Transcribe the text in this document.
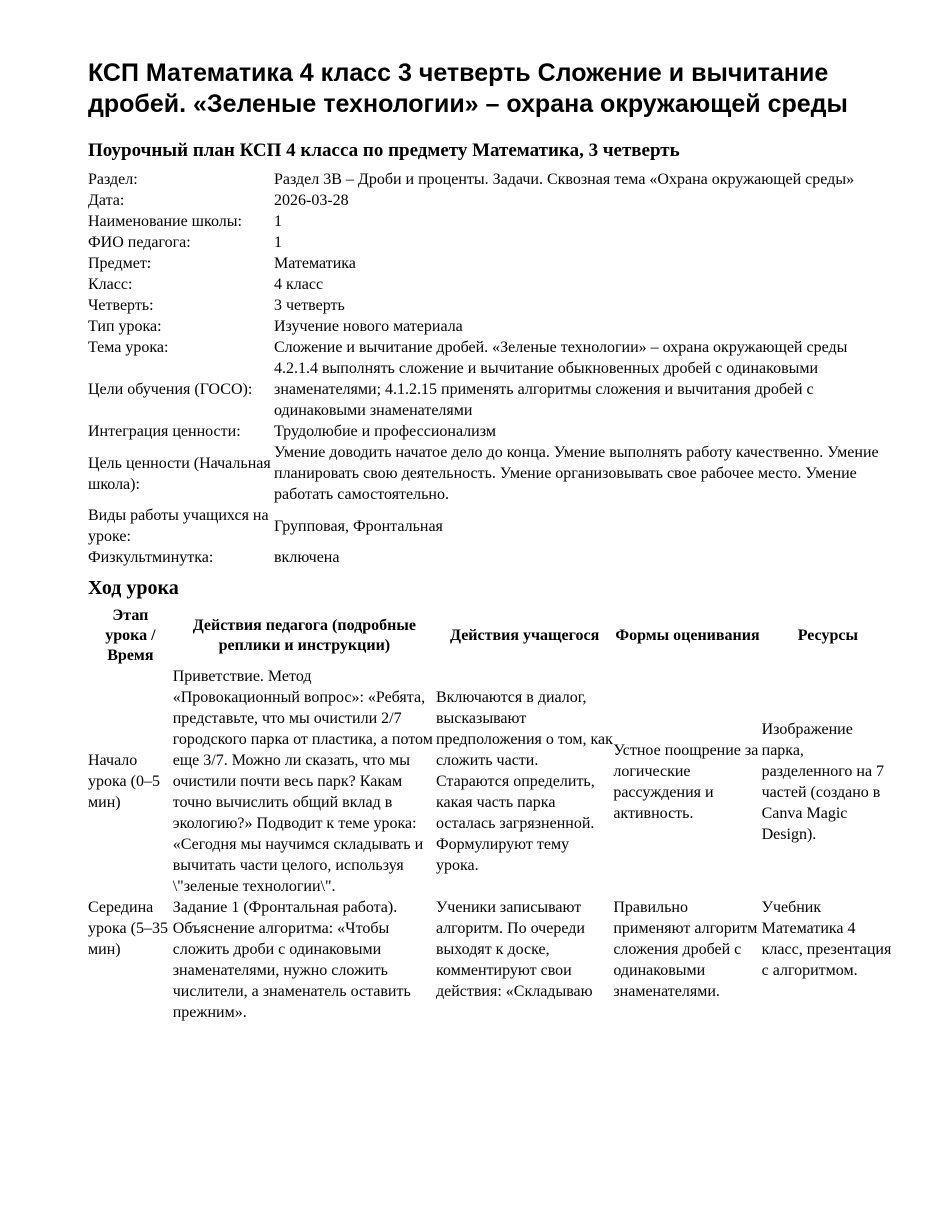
КСП Математика 4 класс 3 четверть Сложение и вычитание дробей. «Зеленые технологии» – охрана окружающей среды
Поурочный план КСП 4 класса по предмету Математика, 3 четверть
Раздел:	Раздел 3В – Дроби и проценты. Задачи. Сквозная тема «Охрана окружающей среды»
Дата:	2026-03-28
Наименование школы:	1
ФИО педагога:	1
Предмет:	Математика
Класс:	4 класс
Четверть:	3 четверть
Тип урока:	Изучение нового материала
Тема урока:	Сложение и вычитание дробей. «Зеленые технологии» – охрана окружающей среды
Цели обучения (ГОСО):	4.2.1.4 выполнять сложение и вычитание обыкновенных дробей с одинаковыми знаменателями; 4.1.2.15 применять алгоритмы сложения и вычитания дробей с одинаковыми знаменателями
Интеграция ценности:	Трудолюбие и профессионализм
Цель ценности (Начальная школа):	Умение доводить начатое дело до конца. Умение выполнять работу качественно. Умение планировать свою деятельность. Умение организовывать свое рабочее место. Умение работать самостоятельно.
Виды работы учащихся на уроке:	Групповая, Фронтальная
Физкультминутка:	включена
Ход урока
Этап урока / Время	Действия педагога (подробные реплики и инструкции)	Действия учащегося	Формы оценивания	Ресурсы
Начало урока (0–5 мин)	Приветствие. Метод «Провокационный вопрос»: «Ребята, представьте, что мы очистили 2/7 городского парка от пластика, а потом еще 3/7. Можно ли сказать, что мы очистили почти весь парк? Какам точно вычислить общий вклад в экологию?» Подводит к теме урока: «Сегодня мы научимся складывать и вычитать части целого, используя \"зеленые технологии\".	Включаются в диалог, высказывают предположения о том, как сложить части. Стараются определить, какая часть парка осталась загрязненной. Формулируют тему урока.	Устное поощрение за логические рассуждения и активность.	Изображение парка, разделенного на 7 частей (создано в Canva Magic Design).
Середина урока (5–35 мин)	Задание 1 (Фронтальная работа). Объяснение алгоритма: «Чтобы сложить дроби с одинаковыми знаменателями, нужно сложить числители, а знаменатель оставить прежним».	Ученики записывают алгоритм. По очереди выходят к доске, комментируют свои действия: «Складываю	Правильно применяют алгоритм сложения дробей с одинаковыми знаменателями.	Учебник Математика 4 класс, презентация с алгоритмом.
